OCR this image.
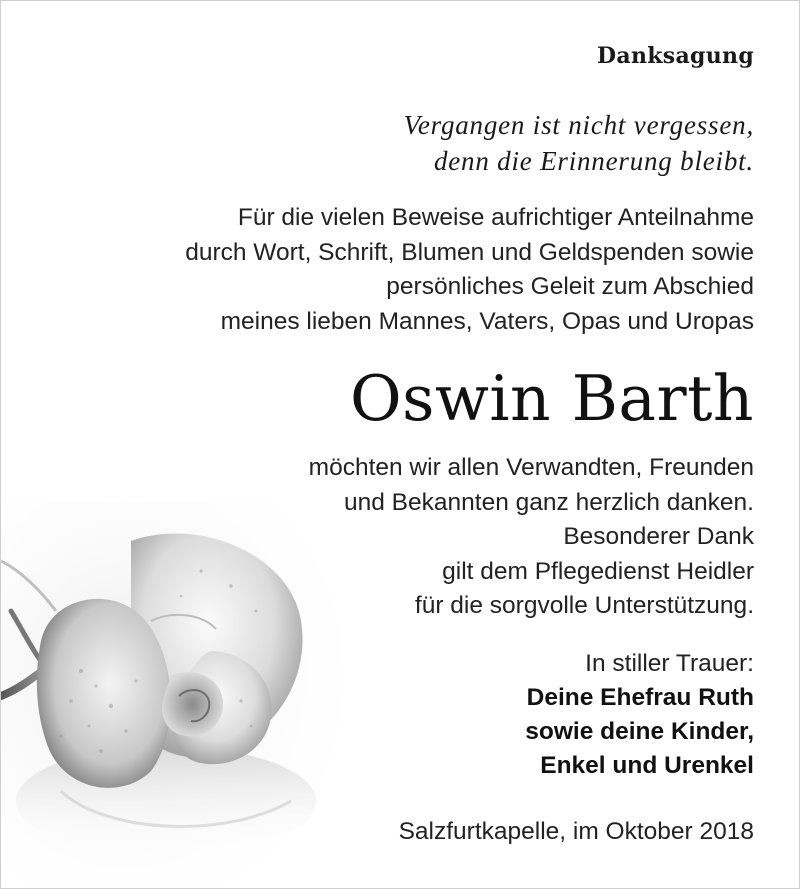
Danksagung
Vergangen ist nicht vergessen,
denn die Erinnerung bleibt.
Für die vielen Beweise aufrichtiger Anteilnahme
durch Wort, Schrift, Blumen und Geldspenden sowie
persönliches Geleit zum Abschied
meines lieben Mannes, Vaters, Opas und Uropas
Oswin Barth
möchten wir allen Verwandten, Freunden
und Bekannten ganz herzlich danken.
Besonderer Dank
gilt dem Pflegedienst Heidler
für die sorgvolle Unterstützung.
In stiller Trauer:
Deine Ehefrau Ruth
sowie deine Kinder,
Enkel und Urenkel
Salzfurtkapelle, im Oktober 2018
